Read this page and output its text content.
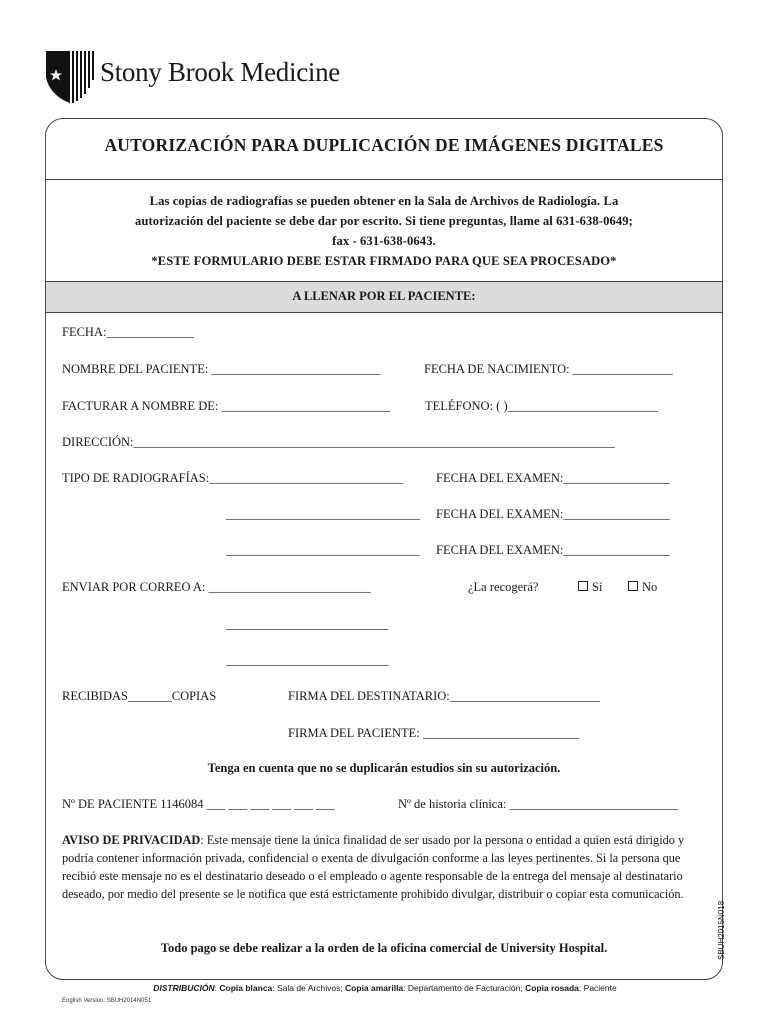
Stony Brook Medicine
AUTORIZACIÓN PARA DUPLICACIÓN DE IMÁGENES DIGITALES
Las copias de radiografías se pueden obtener en la Sala de Archivos de Radiología. La
autorización del paciente se debe dar por escrito. Si tiene preguntas, llame al 631-638-0649;
fax - 631-638-0643.
*ESTE FORMULARIO DEBE ESTAR FIRMADO PARA QUE SEA PROCESADO*
A LLENAR POR EL PACIENTE:
FECHA:______________
NOMBRE DEL PACIENTE: ___________________________	FECHA DE NACIMIENTO: ________________
FACTURAR A NOMBRE DE: ___________________________	TELÉFONO: ( )________________________
DIRECCIÓN:_____________________________________________________________________________
TIPO DE RADIOGRAFÍAS:_______________________________	FECHA DEL EXAMEN:_________________
_______________________________ FECHA DEL EXAMEN:_________________
_______________________________ FECHA DEL EXAMEN:_________________
ENVIAR POR CORREO A: __________________________	¿La recogerá?	Sí	No
__________________________
__________________________
RECIBIDAS_______COPIAS	FIRMA DEL DESTINATARIO:________________________
FIRMA DEL PACIENTE: _________________________
Tenga en cuenta que no se duplicarán estudios sin su autorización.
Nº DE PACIENTE 1146084 ___ ___ ___ ___ ___ ___	Nº de historia clínica: ___________________________
AVISO DE PRIVACIDAD: Este mensaje tiene la única finalidad de ser usado por la persona o entidad a quien está dirigido y podría contener información privada, confidencial o exenta de divulgación conforme a las leyes pertinentes. Si la persona que recibió este mensaje no es el destinatario deseado o el empleado o agente responsable de la entrega del mensaje al destinatario deseado, por medio del presente se le notifica que está estrictamente prohibido divulgar, distribuir o copiar esta comunicación.
Todo pago se debe realizar a la orden de la oficina comercial de University Hospital.	SBUH2015N018
DISTRIBUCIÓN: Copia blanca: Sala de Archivos; Copia amarilla: Departamento de Facturación; Copia rosada: Paciente
English Version: SBUH2014N051
